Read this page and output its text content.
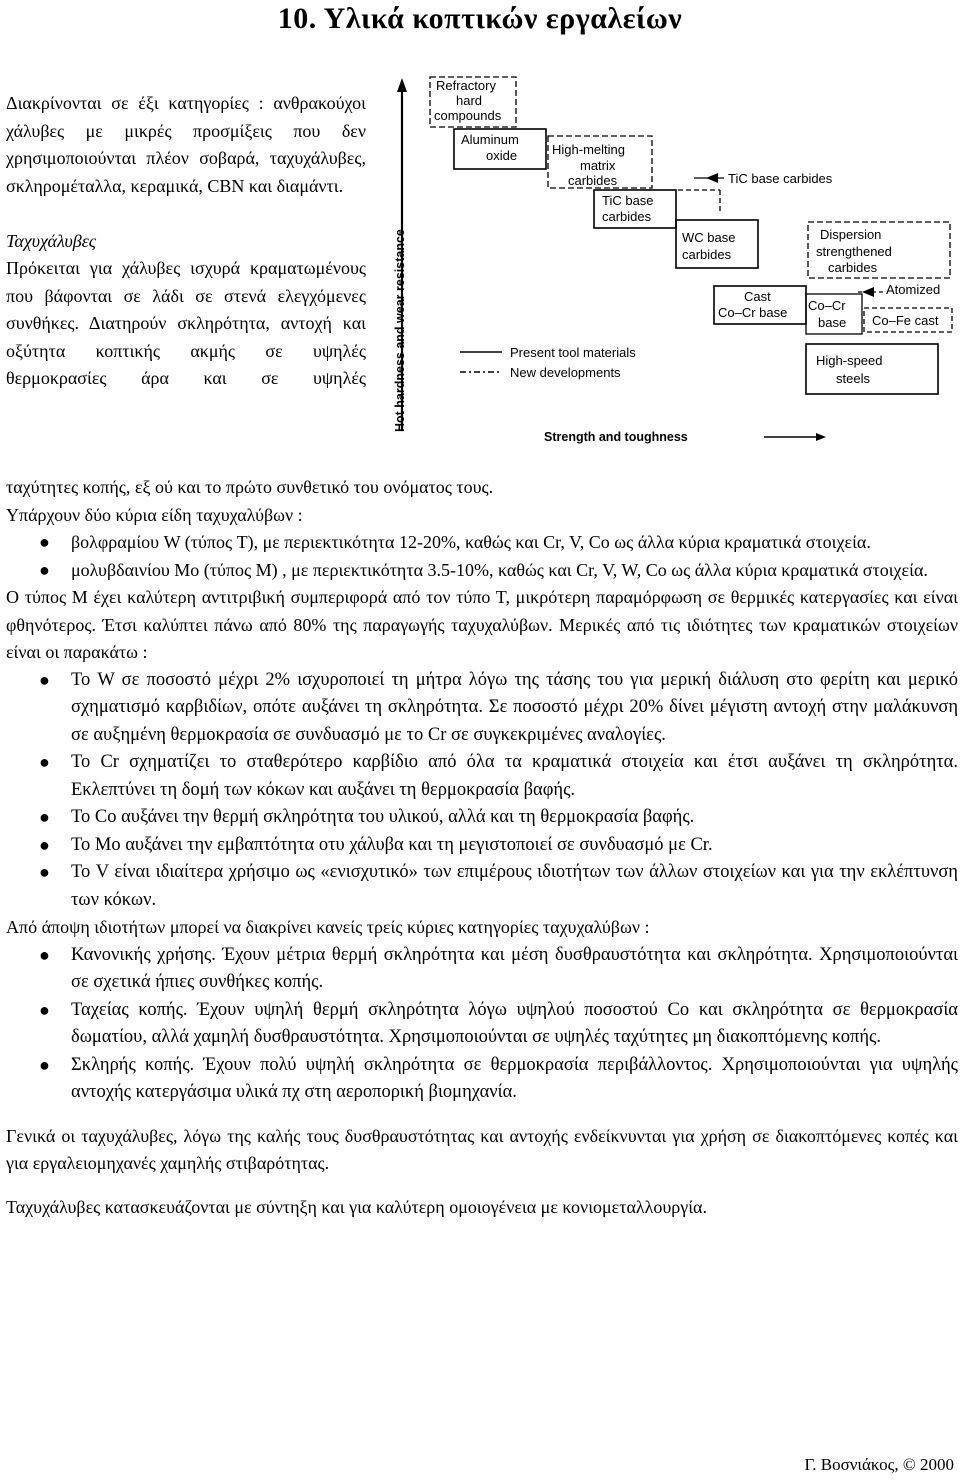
10. Υλικά κοπτικών εργαλείων

Διακρίνονται σε έξι κατηγορίες : ανθρακούχοι χάλυβες με μικρές προσμίξεις που δεν χρησιμοποιούνται πλέον σοβαρά, ταχυχάλυβες, σκληρομέταλλα, κεραμικά, CBN και διαμάντι.

Ταχυχάλυβες

Πρόκειται για χάλυβες ισχυρά κραματωμένους που βάφονται σε λάδι σε στενά ελεγχόμενες συνθήκες. Διατηρούν σκληρότητα, αντοχή και οξύτητα κοπτικής ακμής σε υψηλές θερμοκρασίες άρα και σε υψηλές Hot hardness and wear resistance
Strength and toughness
Refractory
hard
compounds
Aluminum
oxide	High-melting
matrix
carbides
TiC base
carbides
TiC base carbides
WC base
carbides
Dispersion
strengthened
carbides
Atomized
Cast
Co–Cr base Co–Cr
base Co–Fe cast
High-speed
steels
Present tool materials
New developments

ταχύτητες κοπής, εξ ού και το πρώτο συνθετικό του ονόματος τους.

Υπάρχουν δύο κύρια είδη ταχυχαλύβων :

● βολφραμίου W (τύπος T), με περιεκτικότητα 12-20%, καθώς και Cr, V, Co ως άλλα κύρια κραματικά στοιχεία.
● μολυβδαινίου Mo (τύπος M) , με περιεκτικότητα 3.5-10%, καθώς και Cr, V, W, Co ως άλλα κύρια κραματικά στοιχεία.

Ο τύπος Μ έχει καλύτερη αντιτριβική συμπεριφορά από τον τύπο Τ, μικρότερη παραμόρφωση σε θερμικές κατεργασίες και είναι φθηνότερος. Έτσι καλύπτει πάνω από 80% της παραγωγής ταχυχαλύβων. Μερικές από τις ιδιότητες των κραματικών στοιχείων είναι οι παρακάτω :

● Το W σε ποσοστό μέχρι 2% ισχυροποιεί τη μήτρα λόγω της τάσης του για μερική διάλυση στο φερίτη και μερικό σχηματισμό καρβιδίων, οπότε αυξάνει τη σκληρότητα. Σε ποσοστό μέχρι 20% δίνει μέγιστη αντοχή στην μαλάκυνση σε αυξημένη θερμοκρασία σε συνδυασμό με το Cr σε συγκεκριμένες αναλογίες.
● Το Cr σχηματίζει το σταθερότερο καρβίδιο από όλα τα κραματικά στοιχεία και έτσι αυξάνει τη σκληρότητα. Εκλεπτύνει τη δομή των κόκων και αυξάνει τη θερμοκρασία βαφής.
● Το Co αυξάνει την θερμή σκληρότητα του υλικού, αλλά και τη θερμοκρασία βαφής.
● Το Mo αυξάνει την εμβαπτότητα οτυ χάλυβα και τη μεγιστοποιεί σε συνδυασμό με Cr.
● Το V είναι ιδιαίτερα χρήσιμο ως «ενισχυτικό» των επιμέρους ιδιοτήτων των άλλων στοιχείων και για την εκλέπτυνση των κόκων.

Από άποψη ιδιοτήτων μπορεί να διακρίνει κανείς τρείς κύριες κατηγορίες ταχυχαλύβων :

● Κανονικής χρήσης. Έχουν μέτρια θερμή σκληρότητα και μέση δυσθραυστότητα και σκληρότητα. Χρησιμοποιούνται σε σχετικά ήπιες συνθήκες κοπής.
● Ταχείας κοπής. Έχουν υψηλή θερμή σκληρότητα λόγω υψηλού ποσοστού Co και σκληρότητα σε θερμοκρασία δωματίου, αλλά χαμηλή δυσθραυστότητα. Χρησιμοποιούνται σε υψηλές ταχύτητες μη διακοπτόμενης κοπής.
● Σκληρής κοπής. Έχουν πολύ υψηλή σκληρότητα σε θερμοκρασία περιβάλλοντος. Χρησιμοποιούνται για υψηλής αντοχής κατεργάσιμα υλικά πχ στη αεροπορική βιομηχανία.

Γενικά οι ταχυχάλυβες, λόγω της καλής τους δυσθραυστότητας και αντοχής ενδείκνυνται για χρήση σε διακοπτόμενες κοπές και για εργαλειομηχανές χαμηλής στιβαρότητας.

Ταχυχάλυβες κατασκευάζονται με σύντηξη και για καλύτερη ομοιογένεια με κονιομεταλλουργία.

Γ. Βοσνιάκος, © 2000
